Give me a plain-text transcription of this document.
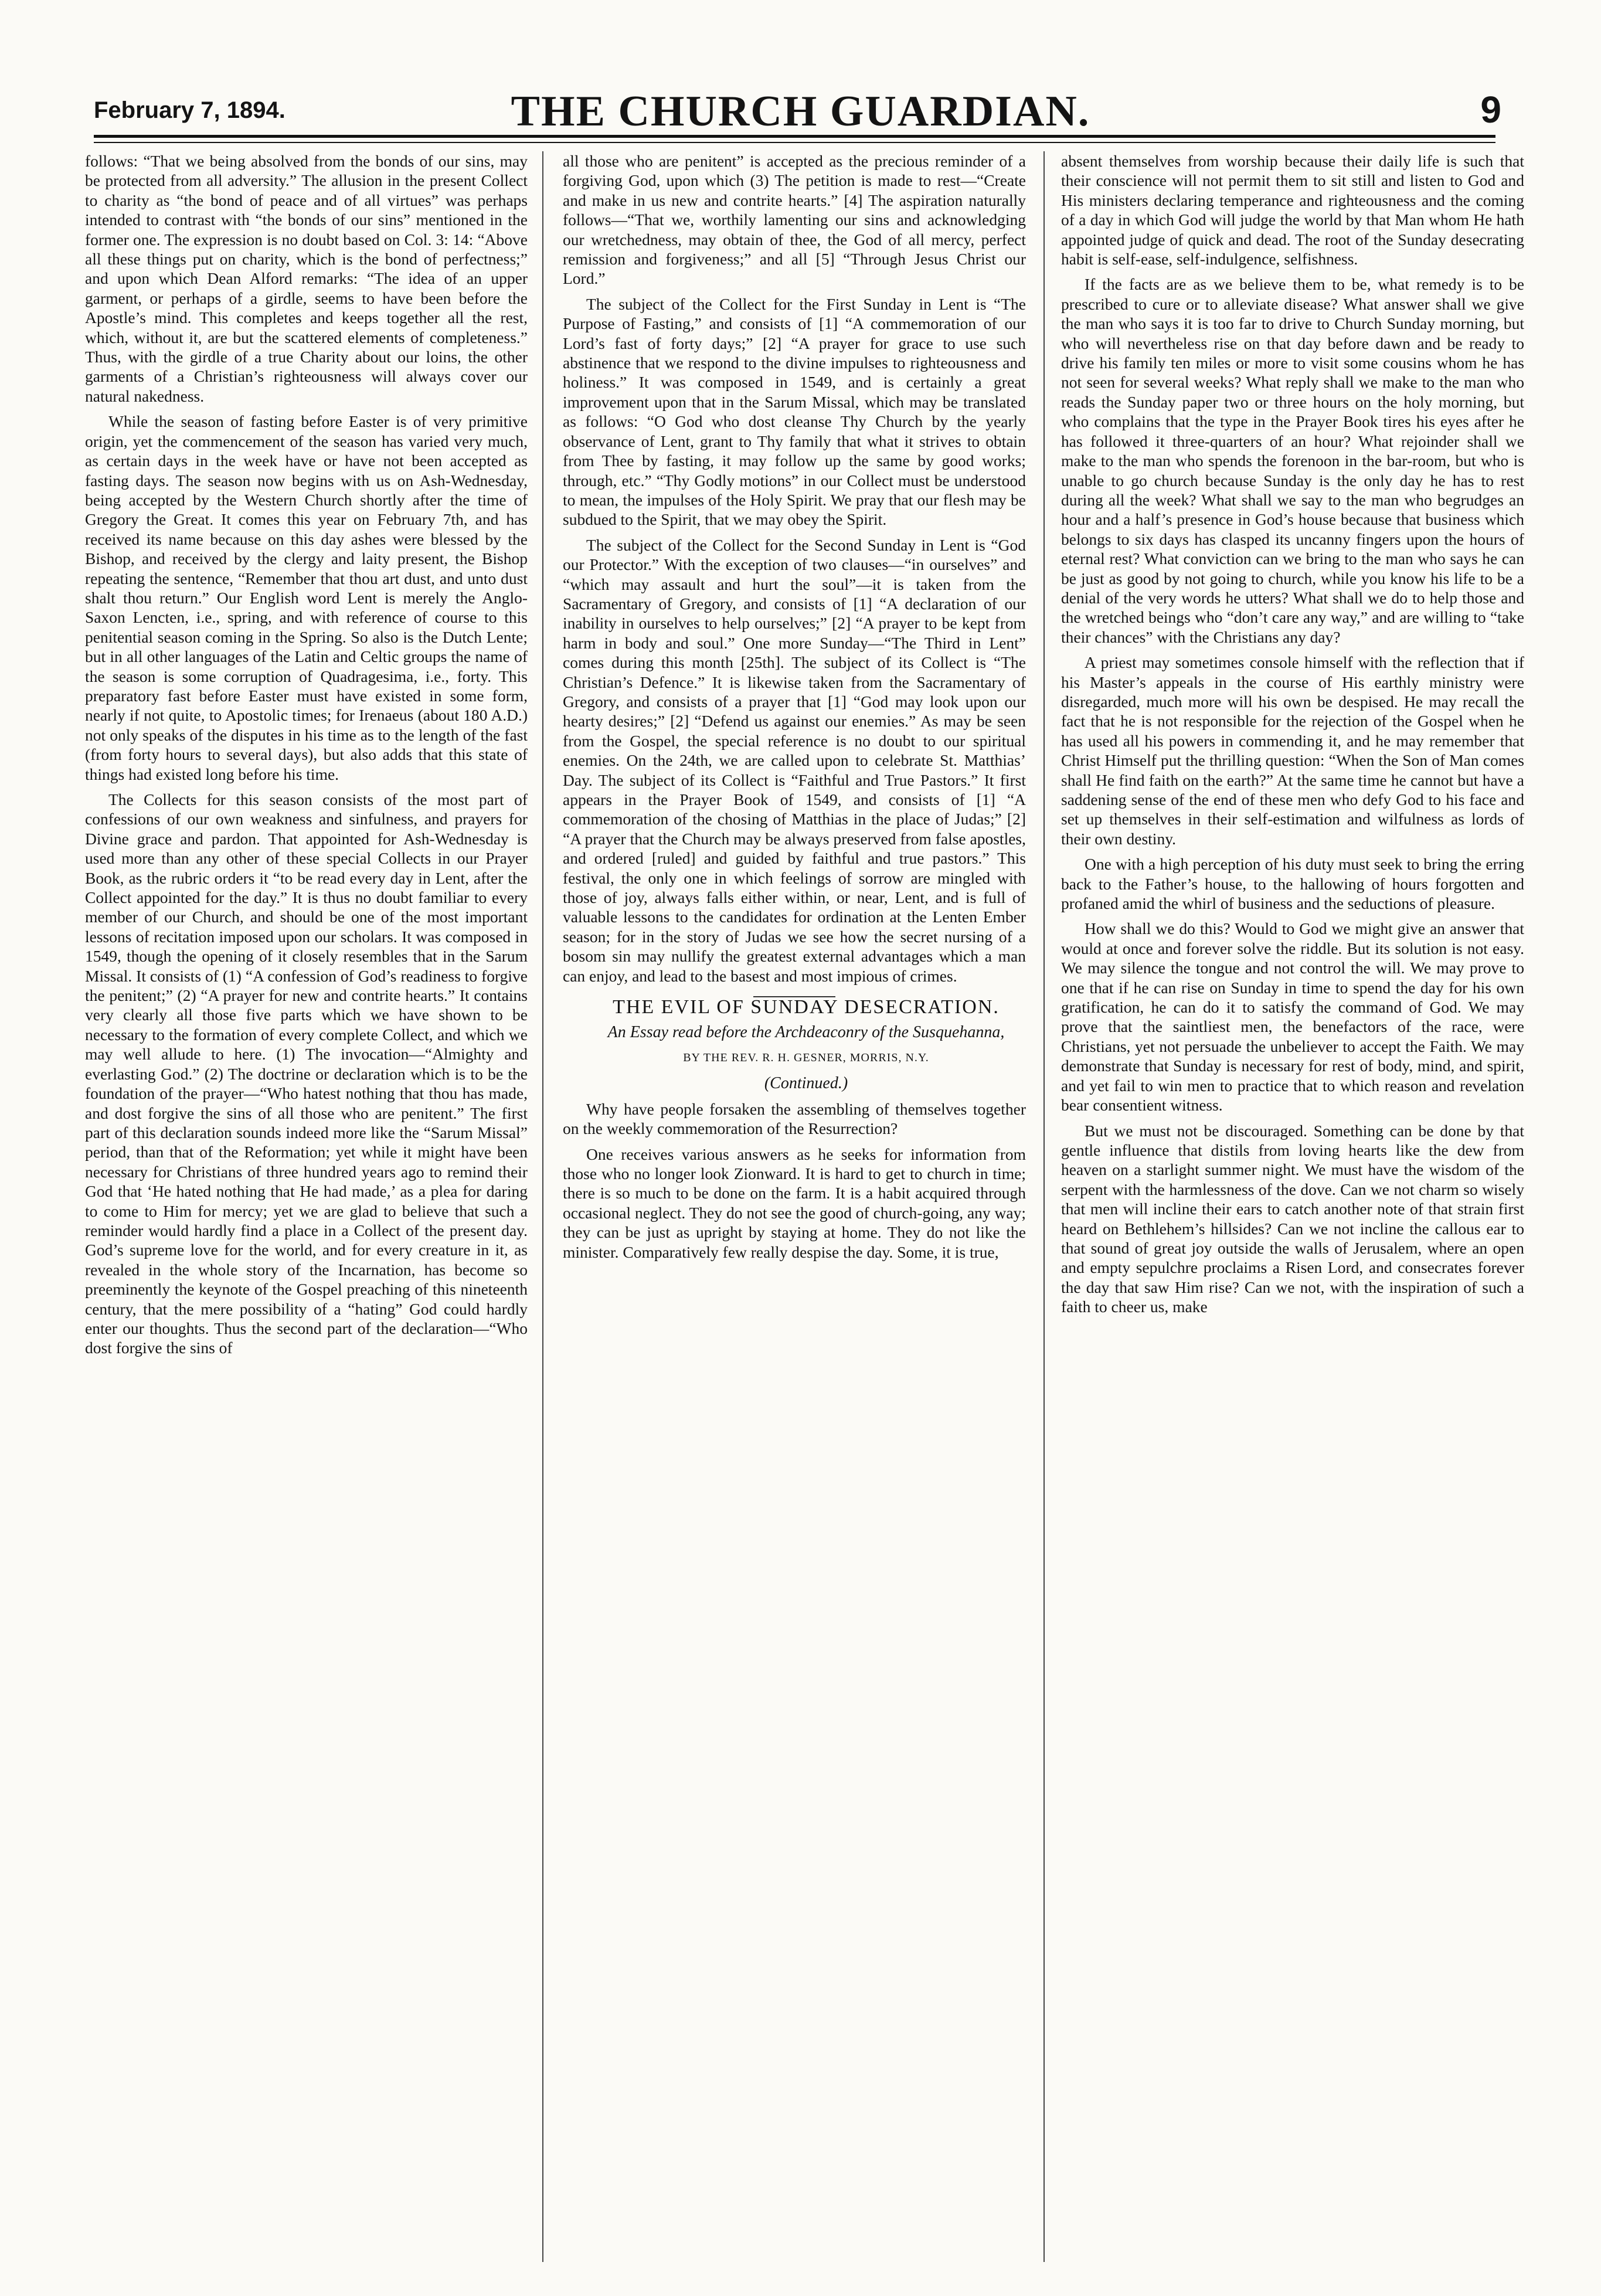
February 7, 1894.	THE CHURCH GUARDIAN.	9

follows: “That we being absolved from the bonds of our sins, may be protected from all adversity.” The allusion in the present Collect to charity as “the bond of peace and of all virtues” was perhaps intended to contrast with “the bonds of our sins” mentioned in the former one. The expression is no doubt based on Col. 3: 14: “Above all these things put on charity, which is the bond of perfectness;” and upon which Dean Alford remarks: “The idea of an upper garment, or perhaps of a girdle, seems to have been before the Apostle’s mind. This completes and keeps together all the rest, which, without it, are but the scattered elements of completeness.” Thus, with the girdle of a true Charity about our loins, the other garments of a Christian’s righteousness will always cover our natural nakedness.

While the season of fasting before Easter is of very primitive origin, yet the commencement of the season has varied very much, as certain days in the week have or have not been accepted as fasting days. The season now begins with us on Ash-Wednesday, being accepted by the Western Church shortly after the time of Gregory the Great. It comes this year on February 7th, and has received its name because on this day ashes were blessed by the Bishop, and received by the clergy and laity present, the Bishop repeating the sentence, “Remember that thou art dust, and unto dust shalt thou return.” Our English word Lent is merely the Anglo-Saxon Lencten, i.e., spring, and with reference of course to this penitential season coming in the Spring. So also is the Dutch Lente; but in all other languages of the Latin and Celtic groups the name of the season is some corruption of Quadragesima, i.e., forty. This preparatory fast before Easter must have existed in some form, nearly if not quite, to Apostolic times; for Irenaeus (about 180 A.D.) not only speaks of the disputes in his time as to the length of the fast (from forty hours to several days), but also adds that this state of things had existed long before his time.

The Collects for this season consists of the most part of confessions of our own weakness and sinfulness, and prayers for Divine grace and pardon. That appointed for Ash-Wednesday is used more than any other of these special Collects in our Prayer Book, as the rubric orders it “to be read every day in Lent, after the Collect appointed for the day.” It is thus no doubt familiar to every member of our Church, and should be one of the most important lessons of recitation imposed upon our scholars. It was composed in 1549, though the opening of it closely resembles that in the Sarum Missal. It consists of (1) “A confession of God’s readiness to forgive the penitent;” (2) “A prayer for new and contrite hearts.” It contains very clearly all those five parts which we have shown to be necessary to the formation of every complete Collect, and which we may well allude to here. (1) The invocation—“Almighty and everlasting God.” (2) The doctrine or declaration which is to be the foundation of the prayer—“Who hatest nothing that thou has made, and dost forgive the sins of all those who are penitent.” The first part of this declaration sounds indeed more like the “Sarum Missal” period, than that of the Reformation; yet while it might have been necessary for Christians of three hundred years ago to remind their God that ‘He hated nothing that He had made,’ as a plea for daring to come to Him for mercy; yet we are glad to believe that such a reminder would hardly find a place in a Collect of the present day. God’s supreme love for the world, and for every creature in it, as revealed in the whole story of the Incarnation, has become so preeminently the keynote of the Gospel preaching of this nineteenth century, that the mere possibility of a “hating” God could hardly enter our thoughts. Thus the second part of the declaration—“Who dost forgive the sins of

all those who are penitent” is accepted as the precious reminder of a forgiving God, upon which (3) The petition is made to rest—“Create and make in us new and contrite hearts.” [4] The aspiration naturally follows—“That we, worthily lamenting our sins and acknowledging our wretchedness, may obtain of thee, the God of all mercy, perfect remission and forgiveness;” and all [5] “Through Jesus Christ our Lord.”

The subject of the Collect for the First Sunday in Lent is “The Purpose of Fasting,” and consists of [1] “A commemoration of our Lord’s fast of forty days;” [2] “A prayer for grace to use such abstinence that we respond to the divine impulses to righteousness and holiness.” It was composed in 1549, and is certainly a great improvement upon that in the Sarum Missal, which may be translated as follows: “O God who dost cleanse Thy Church by the yearly observance of Lent, grant to Thy family that what it strives to obtain from Thee by fasting, it may follow up the same by good works; through, etc.” “Thy Godly motions” in our Collect must be understood to mean, the impulses of the Holy Spirit. We pray that our flesh may be subdued to the Spirit, that we may obey the Spirit.

The subject of the Collect for the Second Sunday in Lent is “God our Protector.” With the exception of two clauses—“in ourselves” and “which may assault and hurt the soul”—it is taken from the Sacramentary of Gregory, and consists of [1] “A declaration of our inability in ourselves to help ourselves;” [2] “A prayer to be kept from harm in body and soul.” One more Sunday—“The Third in Lent” comes during this month [25th]. The subject of its Collect is “The Christian’s Defence.” It is likewise taken from the Sacramentary of Gregory, and consists of a prayer that [1] “God may look upon our hearty desires;” [2] “Defend us against our enemies.” As may be seen from the Gospel, the special reference is no doubt to our spiritual enemies. On the 24th, we are called upon to celebrate St. Matthias’ Day. The subject of its Collect is “Faithful and True Pastors.” It first appears in the Prayer Book of 1549, and consists of [1] “A commemoration of the chosing of Matthias in the place of Judas;” [2] “A prayer that the Church may be always preserved from false apostles, and ordered [ruled] and guided by faithful and true pastors.” This festival, the only one in which feelings of sorrow are mingled with those of joy, always falls either within, or near, Lent, and is full of valuable lessons to the candidates for ordination at the Lenten Ember season; for in the story of Judas we see how the secret nursing of a bosom sin may nullify the greatest external advantages which a man can enjoy, and lead to the basest and most impious of crimes.

THE EVIL OF SUNDAY DESECRATION.

An Essay read before the Archdeaconry of the Susquehanna,

BY THE REV. R. H. GESNER, MORRIS, N.Y.

(Continued.)

Why have people forsaken the assembling of themselves together on the weekly commemoration of the Resurrection?

One receives various answers as he seeks for information from those who no longer look Zionward. It is hard to get to church in time; there is so much to be done on the farm. It is a habit acquired through occasional neglect. They do not see the good of church-going, any way; they can be just as upright by staying at home. They do not like the minister. Comparatively few really despise the day. Some, it is true,

absent themselves from worship because their daily life is such that their conscience will not permit them to sit still and listen to God and His ministers declaring temperance and righteousness and the coming of a day in which God will judge the world by that Man whom He hath appointed judge of quick and dead. The root of the Sunday desecrating habit is self-ease, self-indulgence, selfishness.

If the facts are as we believe them to be, what remedy is to be prescribed to cure or to alleviate disease? What answer shall we give the man who says it is too far to drive to Church Sunday morning, but who will nevertheless rise on that day before dawn and be ready to drive his family ten miles or more to visit some cousins whom he has not seen for several weeks? What reply shall we make to the man who reads the Sunday paper two or three hours on the holy morning, but who complains that the type in the Prayer Book tires his eyes after he has followed it three-quarters of an hour? What rejoinder shall we make to the man who spends the forenoon in the bar-room, but who is unable to go church because Sunday is the only day he has to rest during all the week? What shall we say to the man who begrudges an hour and a half’s presence in God’s house because that business which belongs to six days has clasped its uncanny fingers upon the hours of eternal rest? What conviction can we bring to the man who says he can be just as good by not going to church, while you know his life to be a denial of the very words he utters? What shall we do to help those and the wretched beings who “don’t care any way,” and are willing to “take their chances” with the Christians any day?

A priest may sometimes console himself with the reflection that if his Master’s appeals in the course of His earthly ministry were disregarded, much more will his own be despised. He may recall the fact that he is not responsible for the rejection of the Gospel when he has used all his powers in commending it, and he may remember that Christ Himself put the thrilling question: “When the Son of Man comes shall He find faith on the earth?” At the same time he cannot but have a saddening sense of the end of these men who defy God to his face and set up themselves in their self-estimation and wilfulness as lords of their own destiny.

One with a high perception of his duty must seek to bring the erring back to the Father’s house, to the hallowing of hours forgotten and profaned amid the whirl of business and the seductions of pleasure.

How shall we do this? Would to God we might give an answer that would at once and forever solve the riddle. But its solution is not easy. We may silence the tongue and not control the will. We may prove to one that if he can rise on Sunday in time to spend the day for his own gratification, he can do it to satisfy the command of God. We may prove that the saintliest men, the benefactors of the race, were Christians, yet not persuade the unbeliever to accept the Faith. We may demonstrate that Sunday is necessary for rest of body, mind, and spirit, and yet fail to win men to practice that to which reason and revelation bear consentient witness.

But we must not be discouraged. Something can be done by that gentle influence that distils from loving hearts like the dew from heaven on a starlight summer night. We must have the wisdom of the serpent with the harmlessness of the dove. Can we not charm so wisely that men will incline their ears to catch another note of that strain first heard on Bethlehem’s hillsides? Can we not incline the callous ear to that sound of great joy outside the walls of Jerusalem, where an open and empty sepulchre proclaims a Risen Lord, and consecrates forever the day that saw Him rise? Can we not, with the inspiration of such a faith to cheer us, make
